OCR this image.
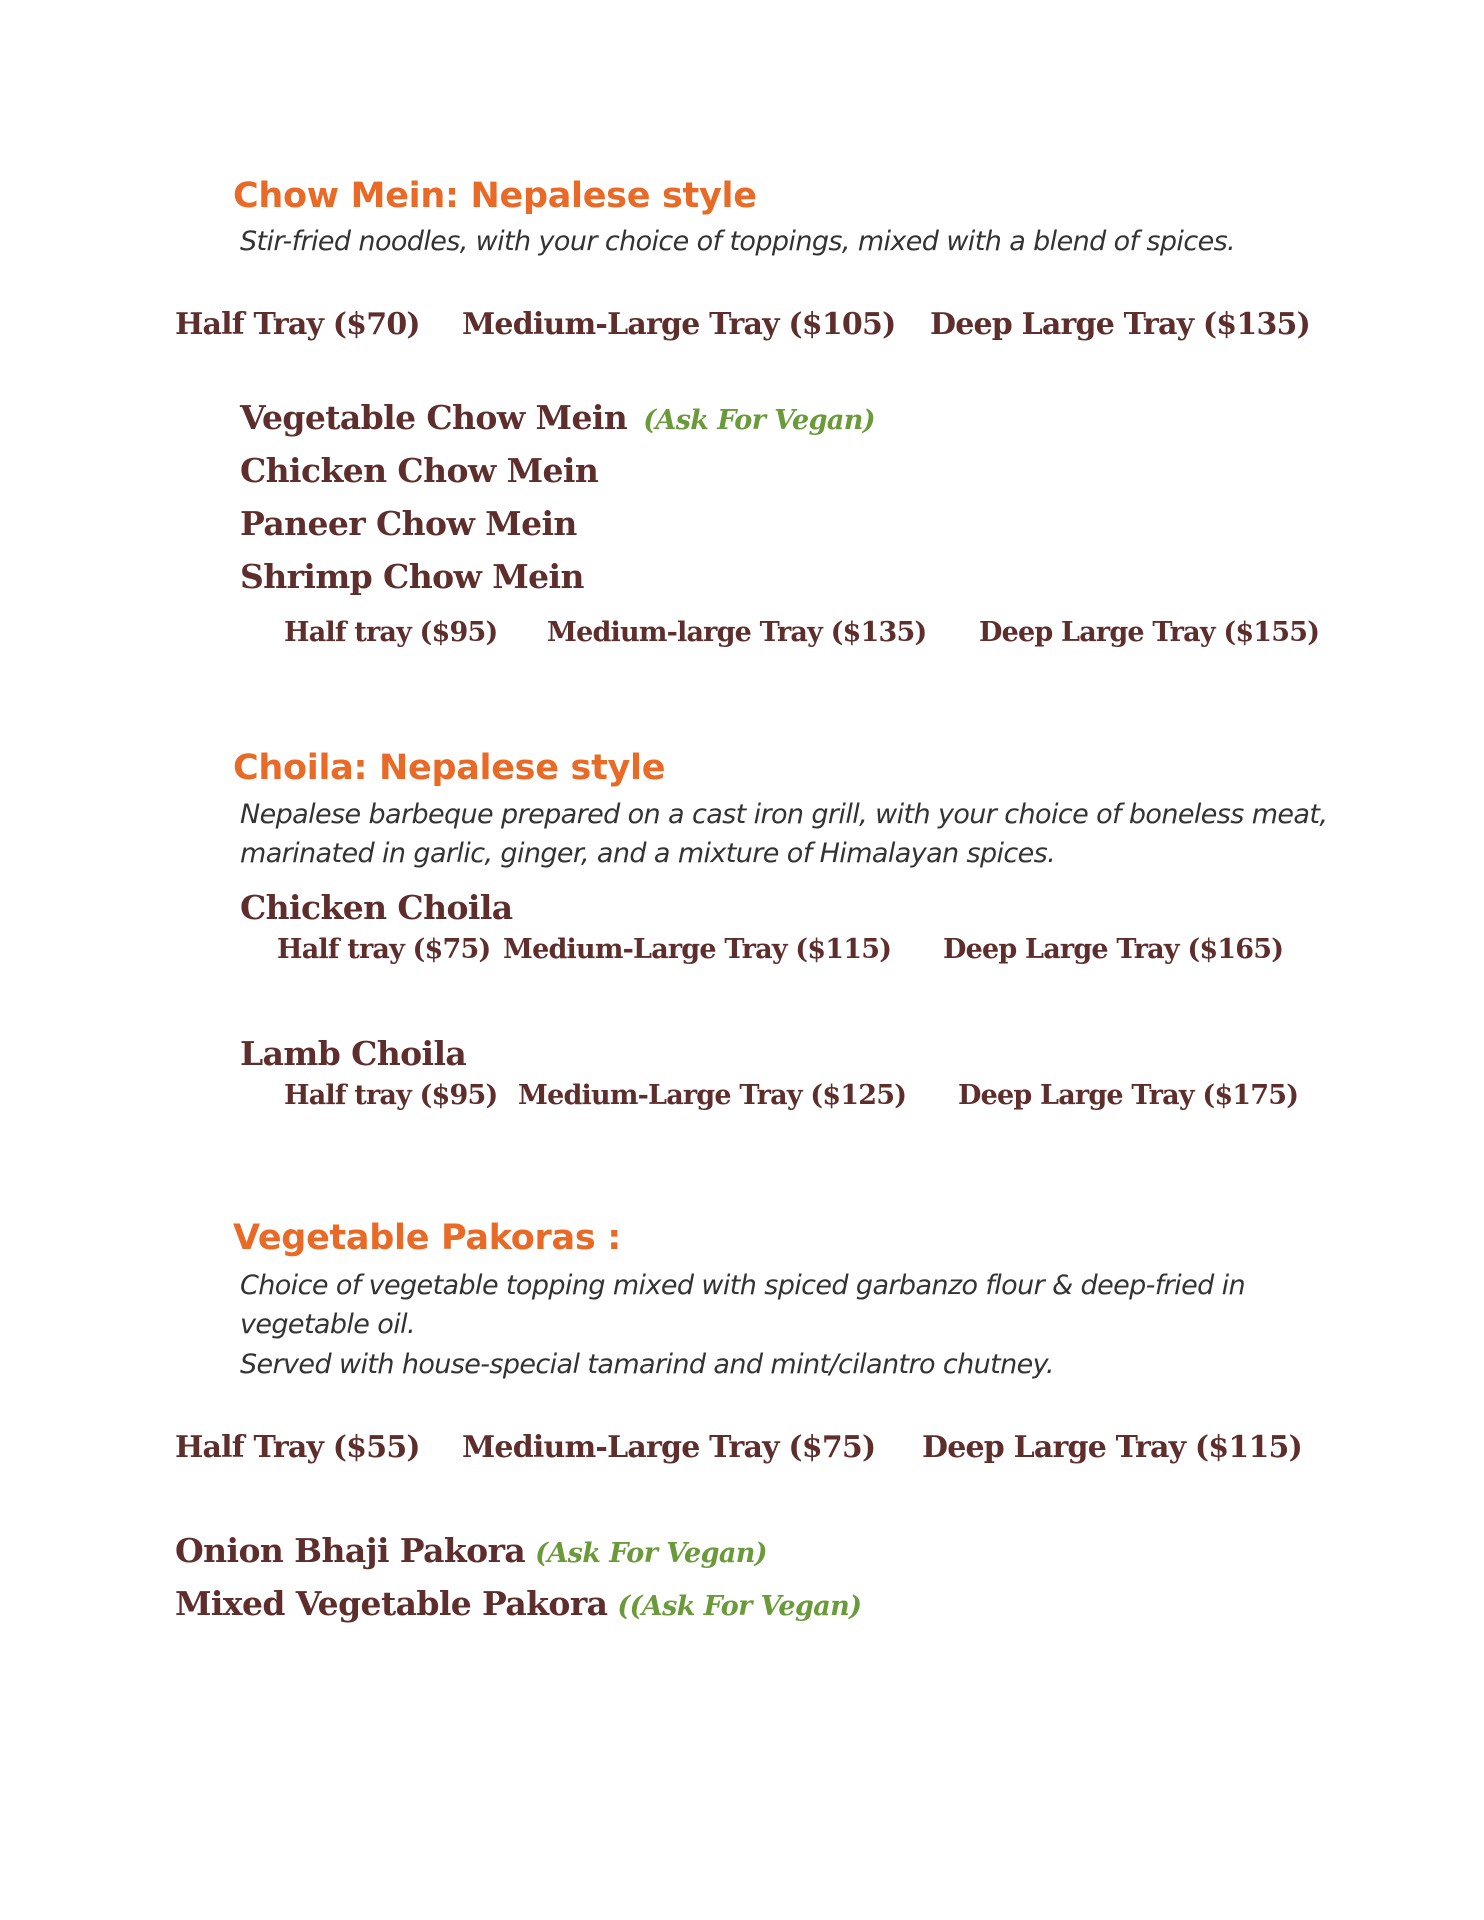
Chow Mein: Nepalese style
Stir-fried noodles, with your choice of toppings, mixed with a blend of spices.
Half Tray ($70) Medium-Large Tray ($105) Deep Large Tray ($135)
Vegetable Chow Mein (Ask For Vegan)
Chicken Chow Mein
Paneer Chow Mein
Shrimp Chow Mein
Half tray ($95) Medium-large Tray ($135) Deep Large Tray ($155)
Choila: Nepalese style
Nepalese barbeque prepared on a cast iron grill, with your choice of boneless meat,
marinated in garlic, ginger, and a mixture of Himalayan spices.
Chicken Choila
Half tray ($75) Medium-Large Tray ($115) Deep Large Tray ($165)
Lamb Choila
Half tray ($95) Medium-Large Tray ($125) Deep Large Tray ($175)
Vegetable Pakoras :
Choice of vegetable topping mixed with spiced garbanzo flour & deep-fried in
vegetable oil.
Served with house-special tamarind and mint/cilantro chutney.
Half Tray ($55) Medium-Large Tray ($75) Deep Large Tray ($115)
Onion Bhaji Pakora (Ask For Vegan)
Mixed Vegetable Pakora ((Ask For Vegan)
